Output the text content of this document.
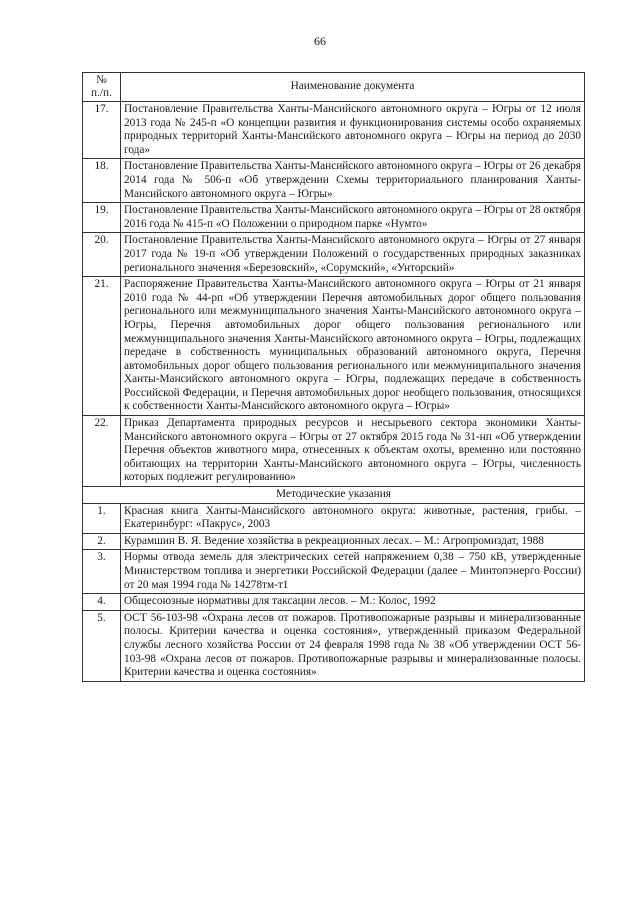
66
№
п./п.	Наименование документа
17.	Постановление Правительства Ханты-Мансийского автономного округа – Югры от 12 июля 2013 года № 245-п «О концепции развития и функционирования системы особо охраняемых природных территорий Ханты-Мансийского автономного округа – Югры на период до 2030 года»

18.	Постановление Правительства Ханты-Мансийского автономного округа – Югры от 26 декабря 2014 года № 506-п «Об утверждении Схемы территориального планирования Ханты-Мансийского автономного округа – Югры»

19.	Постановление Правительства Ханты-Мансийского автономного округа – Югры от 28 октября 2016 года № 415-п «О Положении о природном парке «Нумто»

20.	Постановление Правительства Ханты-Мансийского автономного округа – Югры от 27 января 2017 года № 19-п «Об утверждении Положений о государственных природных заказниках регионального значения «Березовский», «Сорумский», «Унторский»

21.	Распоряжение Правительства Ханты-Мансийского автономного округа – Югры от 21 января 2010 года № 44-рп «Об утверждении Перечня автомобильных дорог общего пользования регионального или межмуниципального значения Ханты-Мансийского автономного округа – Югры, Перечня автомобильных дорог общего пользования регионального или межмуниципального значения Ханты-Мансийского автономного округа – Югры, подлежащих передаче в собственность муниципальных образований автономного округа, Перечня автомобильных дорог общего пользования регионального или межмуниципального значения Ханты-Мансийского автономного округа – Югры, подлежащих передаче в собственность Российской Федерации, и Перечня автомобильных дорог необщего пользования, относящихся к собственности Ханты-Мансийского автономного округа – Югры»

22.	Приказ Департамента природных ресурсов и несырьевого сектора экономики Ханты-Мансийского автономного округа – Югры от 27 октября 2015 года № 31-нп «Об утверждении Перечня объектов животного мира, отнесенных к объектам охоты, временно или постоянно обитающих на территории Ханты-Мансийского автономного округа – Югры, численность которых подлежит регулированию»

Методические указания	
1.	Красная книга Ханты-Мансийского автономного округа: животные, растения, грибы. – Екатеринбург: «Пакрус», 2003

2.	Курамшин В. Я. Ведение хозяйства в рекреационных лесах. – М.: Агропромиздат, 1988

3.	Нормы отвода земель для электрических сетей напряжением 0,38 – 750 кВ, утвержденные Министерством топлива и энергетики Российской Федерации (далее – Минтопэнерго России) от 20 мая 1994 года № 14278тм-т1

4.	Общесоюзные нормативы для таксации лесов. – М.: Колос, 1992

5.	ОСТ 56-103-98 «Охрана лесов от пожаров. Противопожарные разрывы и минерализованные полосы. Критерии качества и оценка состояния», утвержденный приказом Федеральной службы лесного хозяйства России от 24 февраля 1998 года № 38 «Об утверждении ОСТ 56-103-98 «Охрана лесов от пожаров. Противопожарные разрывы и минерализованные полосы. Критерии качества и оценка состояния»
